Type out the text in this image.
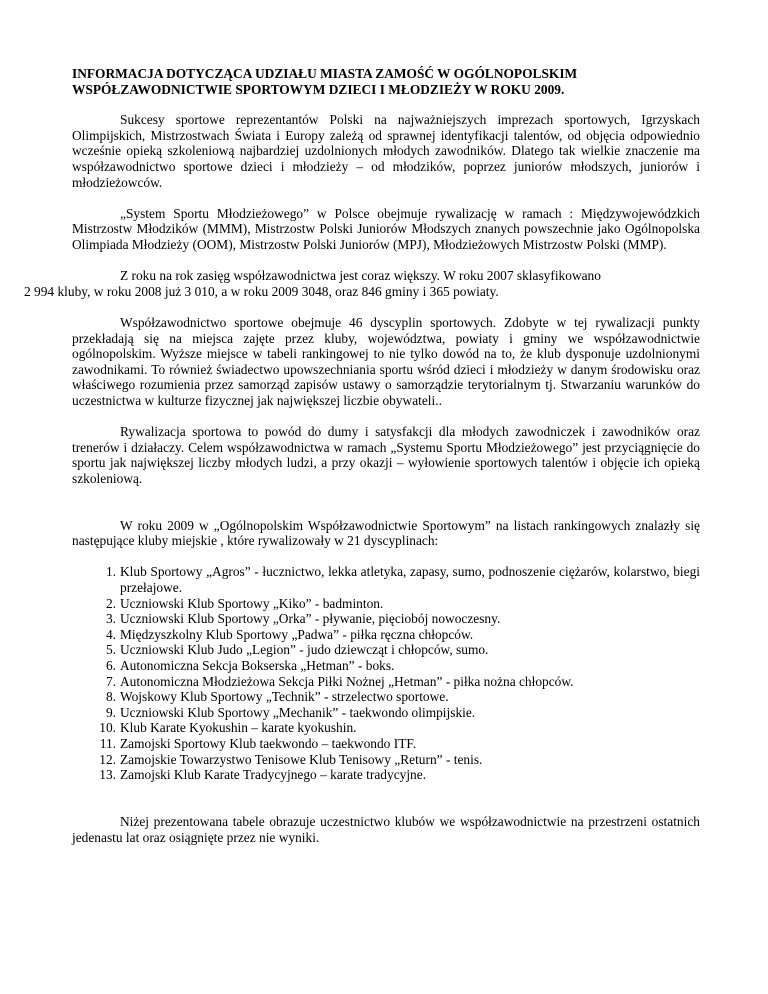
INFORMACJA DOTYCZĄCA UDZIAŁU MIASTA ZAMOŚĆ W OGÓLNOPOLSKIM
WSPÓŁZAWODNICTWIE SPORTOWYM DZIECI I MŁODZIEŻY W ROKU 2009.

Sukcesy sportowe reprezentantów Polski na najważniejszych imprezach sportowych, Igrzyskach Olimpijskich, Mistrzostwach Świata i Europy zależą od sprawnej identyfikacji talentów, od objęcia odpowiednio wcześnie opieką szkoleniową najbardziej uzdolnionych młodych zawodników. Dlatego tak wielkie znaczenie ma współzawodnictwo sportowe dzieci i młodzieży – od młodzików, poprzez juniorów młodszych, juniorów i młodzieżowców.

„System Sportu Młodzieżowego” w Polsce obejmuje rywalizację w ramach : Międzywojewódzkich Mistrzostw Młodzików (MMM), Mistrzostw Polski Juniorów Młodszych znanych powszechnie jako Ogólnopolska Olimpiada Młodzieży (OOM), Mistrzostw Polski Juniorów (MPJ), Młodzieżowych Mistrzostw Polski (MMP).

Z roku na rok zasięg współzawodnictwa jest coraz większy. W roku 2007 sklasyfikowano
2 994 kluby, w roku 2008 już 3 010, a w roku 2009 3048, oraz 846 gminy i 365 powiaty.

Współzawodnictwo sportowe obejmuje 46 dyscyplin sportowych. Zdobyte w tej rywalizacji punkty przekładają się na miejsca zajęte przez kluby, województwa, powiaty i gminy we współzawodnictwie ogólnopolskim. Wyższe miejsce w tabeli rankingowej to nie tylko dowód na to, że klub dysponuje uzdolnionymi zawodnikami. To również świadectwo upowszechniania sportu wśród dzieci i młodzieży w danym środowisku oraz właściwego rozumienia przez samorząd zapisów ustawy o samorządzie terytorialnym tj. Stwarzaniu warunków do uczestnictwa w kulturze fizycznej jak największej liczbie obywateli..

Rywalizacja sportowa to powód do dumy i satysfakcji dla młodych zawodniczek i zawodników oraz trenerów i działaczy. Celem współzawodnictwa w ramach „Systemu Sportu Młodzieżowego” jest przyciągnięcie do sportu jak największej liczby młodych ludzi, a przy okazji – wyłowienie sportowych talentów i objęcie ich opieką szkoleniową.

W roku 2009 w „Ogólnopolskim Współzawodnictwie Sportowym” na listach rankingowych znalazły się następujące kluby miejskie , które rywalizowały w 21 dyscyplinach:

1. Klub Sportowy „Agros” - łucznictwo, lekka atletyka, zapasy, sumo, podnoszenie ciężarów, kolarstwo, biegi przełajowe.
2. Uczniowski Klub Sportowy „Kiko” - badminton.
3. Uczniowski Klub Sportowy „Orka” - pływanie, pięciobój nowoczesny.
4. Międzyszkolny Klub Sportowy „Padwa” - piłka ręczna chłopców.
5. Uczniowski Klub Judo „Legion” - judo dziewcząt i chłopców, sumo.
6. Autonomiczna Sekcja Bokserska „Hetman” - boks.
7. Autonomiczna Młodzieżowa Sekcja Piłki Nożnej „Hetman” - piłka nożna chłopców.
8. Wojskowy Klub Sportowy „Technik” - strzelectwo sportowe.
9. Uczniowski Klub Sportowy „Mechanik” - taekwondo olimpijskie.
10. Klub Karate Kyokushin – karate kyokushin.
11. Zamojski Sportowy Klub taekwondo – taekwondo ITF.
12. Zamojskie Towarzystwo Tenisowe Klub Tenisowy „Return” - tenis.
13. Zamojski Klub Karate Tradycyjnego – karate tradycyjne.

Niżej prezentowana tabele obrazuje uczestnictwo klubów we współzawodnictwie na przestrzeni ostatnich jedenastu lat oraz osiągnięte przez nie wyniki.
